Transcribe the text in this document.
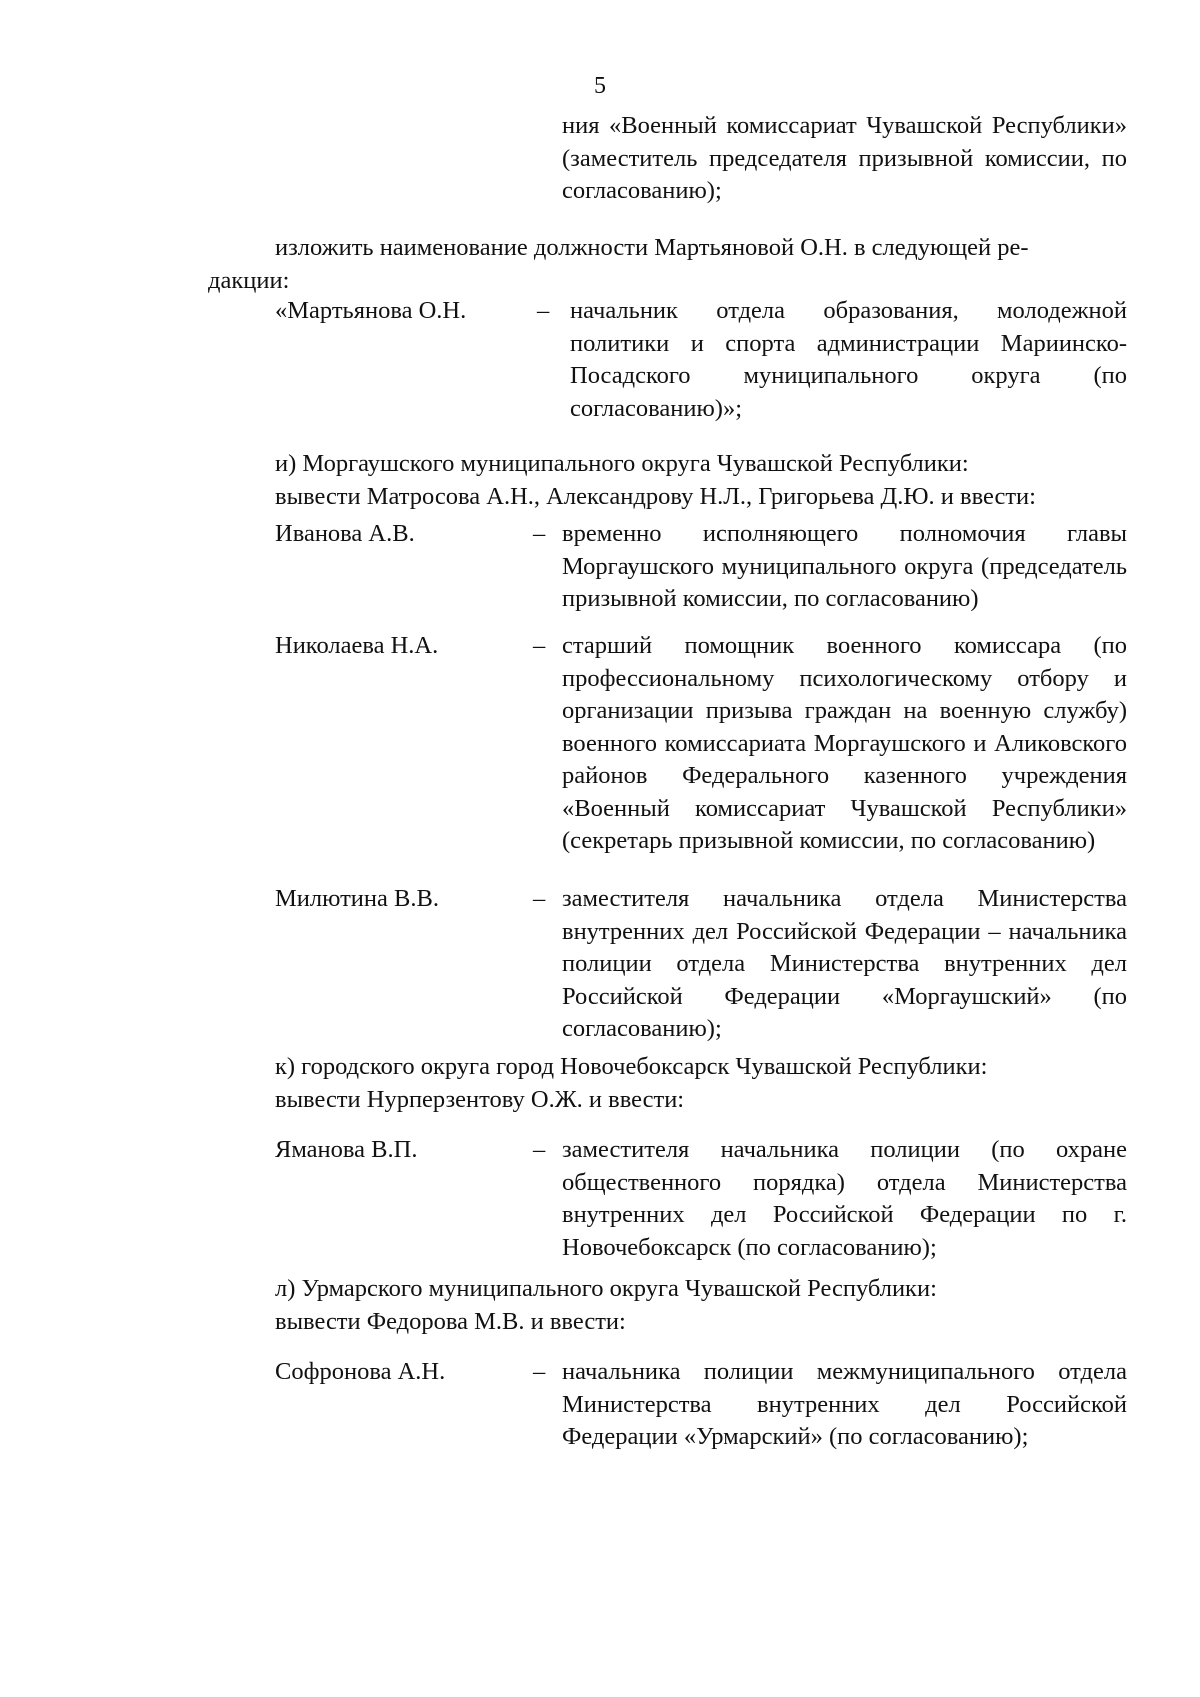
5
ния «Военный комиссариат Чувашской Республики» (заместитель председателя призывной комиссии, по согласованию);
изложить наименование должности Мартьяновой О.Н. в следующей ре-
дакции:
«Мартьянова О.Н.	– начальник отдела образования, молодежной политики и спорта администрации Мариинско-Посадского муниципального округа (по согласованию)»;
и) Моргаушского муниципального округа Чувашской Республики:
вывести Матросова А.Н., Александрову Н.Л., Григорьева Д.Ю. и ввести:
Иванова А.В.	– временно исполняющего полномочия главы Моргаушского муниципального округа (председатель призывной комиссии, по согласованию)
Николаева Н.А.	– старший помощник военного комиссара (по профессиональному психологическому отбору и организации призыва граждан на военную службу) военного комиссариата Моргаушского и Аликовского районов Федерального казенного учреждения «Военный комиссариат Чувашской Республики» (секретарь призывной комиссии, по согласованию)
Милютина В.В.	– заместителя начальника отдела Министерства внутренних дел Российской Федерации – начальника полиции отдела Министерства внутренних дел Российской Федерации «Моргаушский» (по согласованию);
к) городского округа город Новочебоксарск Чувашской Республики:
вывести Нурперзентову О.Ж. и ввести:
Яманова В.П.	– заместителя начальника полиции (по охране общественного порядка) отдела Министерства внутренних дел Российской Федерации по г. Новочебоксарск (по согласованию);
л) Урмарского муниципального округа Чувашской Республики:
вывести Федорова М.В. и ввести:
Софронова А.Н.	– начальника полиции межмуниципального отдела Министерства внутренних дел Российской Федерации «Урмарский» (по согласованию);
